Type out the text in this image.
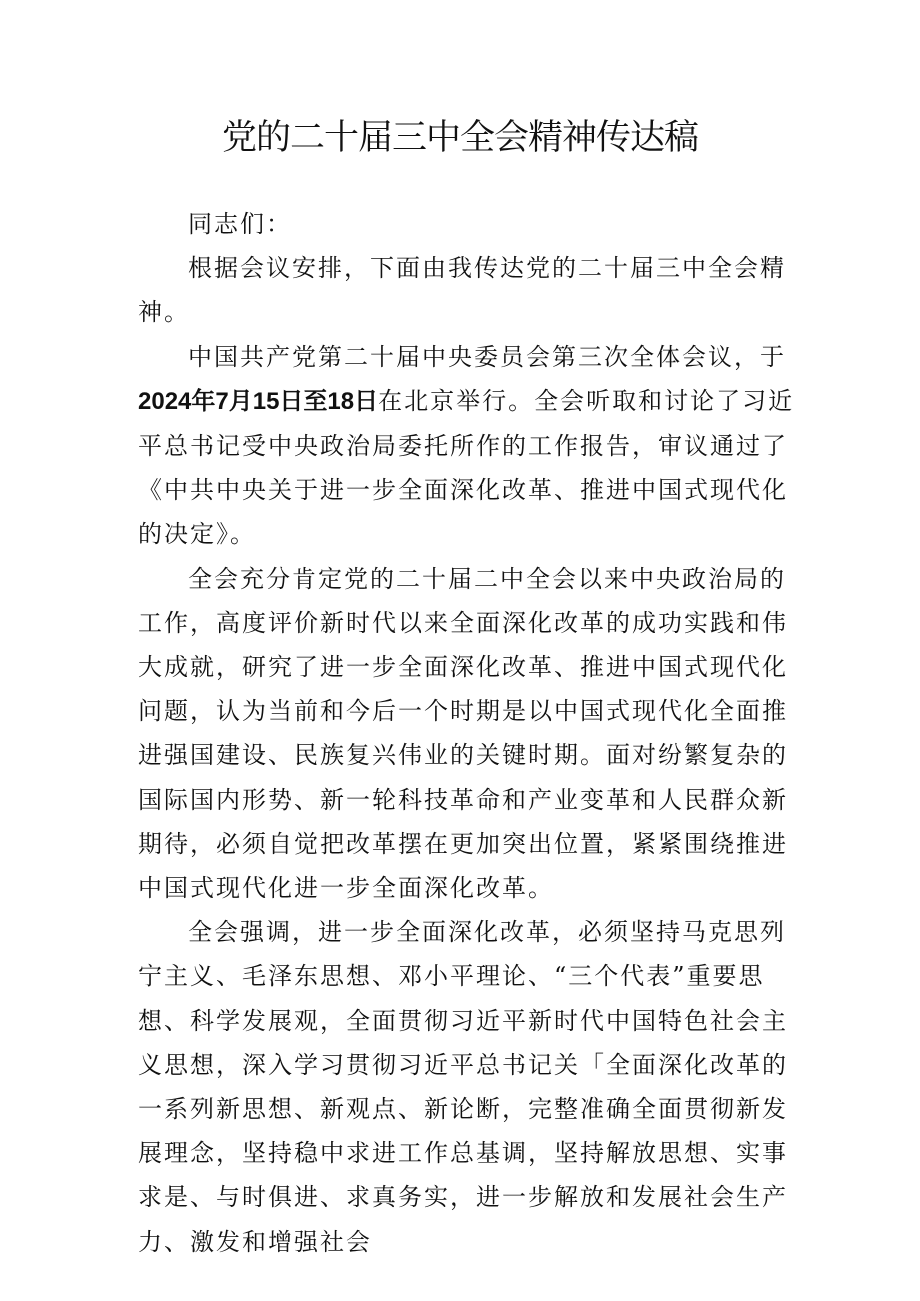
党的二十届三中全会精神传达稿

同志们：

根据会议安排，下面由我传达党的二十届三中全会精神。

中国共产党第二十届中央委员会第三次全体会议，于2024年7月15日至18日在北京举行。全会听取和讨论了习近平总书记受中央政治局委托所作的工作报告，审议通过了《中共中央关于进一步全面深化改革、推进中国式现代化的决定》。

全会充分肯定党的二十届二中全会以来中央政治局的工作，高度评价新时代以来全面深化改革的成功实践和伟大成就，研究了进一步全面深化改革、推进中国式现代化问题，认为当前和今后一个时期是以中国式现代化全面推进强国建设、民族复兴伟业的关键时期。面对纷繁复杂的国际国内形势、新一轮科技革命和产业变革和人民群众新期待，必须自觉把改革摆在更加突出位置，紧紧围绕推进中国式现代化进一步全面深化改革。

全会强调，进一步全面深化改革，必须坚持马克思列宁主义、毛泽东思想、邓小平理论、“三个代表”重要思想、科学发展观，全面贯彻习近平新时代中国特色社会主义思想，深入学习贯彻习近平总书记关「全面深化改革的一系列新思想、新观点、新论断，完整准确全面贯彻新发展理念，坚持稳中求进工作总基调，坚持解放思想、实事求是、与时俱进、求真务实，进一步解放和发展社会生产力、激发和增强社会
